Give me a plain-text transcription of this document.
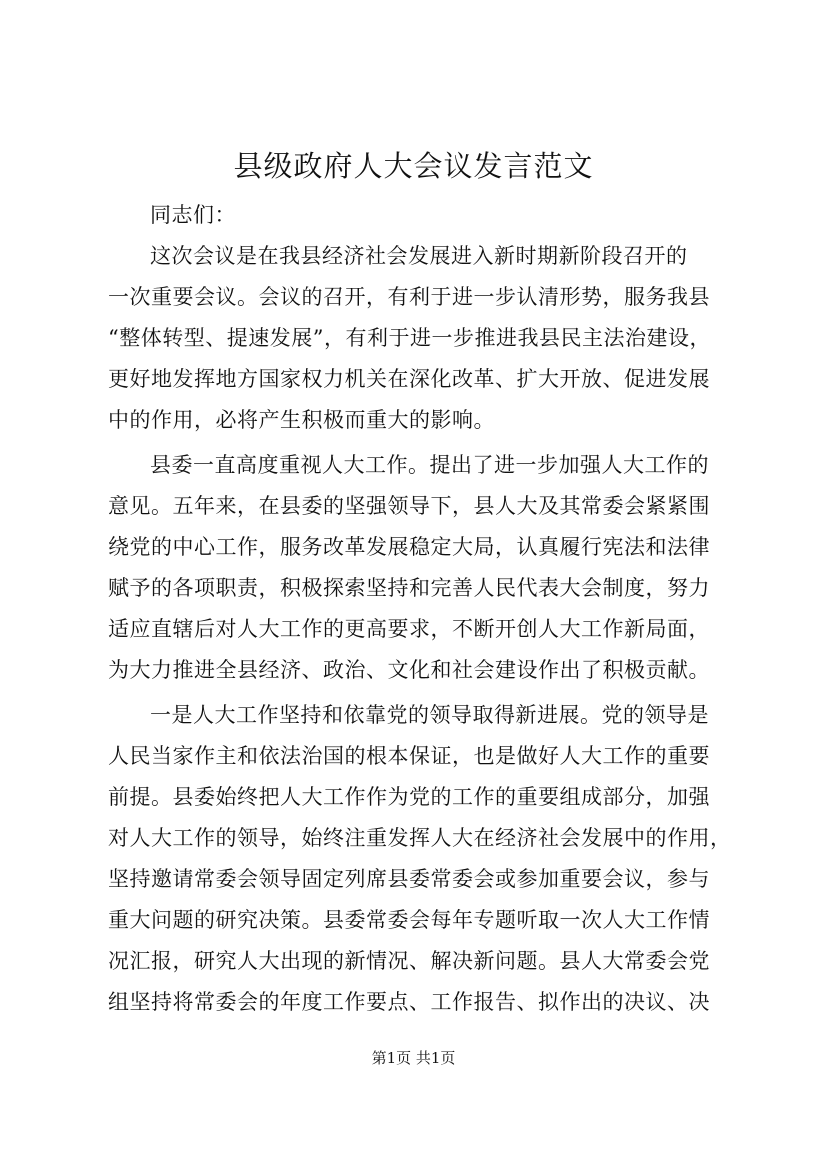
县级政府人大会议发言范文
同志们：
这次会议是在我县经济社会发展进入新时期新阶段召开的
一次重要会议。会议的召开，有利于进一步认清形势，服务我县
“整体转型、提速发展”，有利于进一步推进我县民主法治建设，
更好地发挥地方国家权力机关在深化改革、扩大开放、促进发展
中的作用，必将产生积极而重大的影响。
县委一直高度重视人大工作。提出了进一步加强人大工作的
意见。五年来，在县委的坚强领导下，县人大及其常委会紧紧围
绕党的中心工作，服务改革发展稳定大局，认真履行宪法和法律
赋予的各项职责，积极探索坚持和完善人民代表大会制度，努力
适应直辖后对人大工作的更高要求，不断开创人大工作新局面，
为大力推进全县经济、政治、文化和社会建设作出了积极贡献。
一是人大工作坚持和依靠党的领导取得新进展。党的领导是
人民当家作主和依法治国的根本保证，也是做好人大工作的重要
前提。县委始终把人大工作作为党的工作的重要组成部分，加强
对人大工作的领导，始终注重发挥人大在经济社会发展中的作用，
坚持邀请常委会领导固定列席县委常委会或参加重要会议，参与
重大问题的研究决策。县委常委会每年专题听取一次人大工作情
况汇报，研究人大出现的新情况、解决新问题。县人大常委会党
组坚持将常委会的年度工作要点、工作报告、拟作出的决议、决
第1页 共1页
